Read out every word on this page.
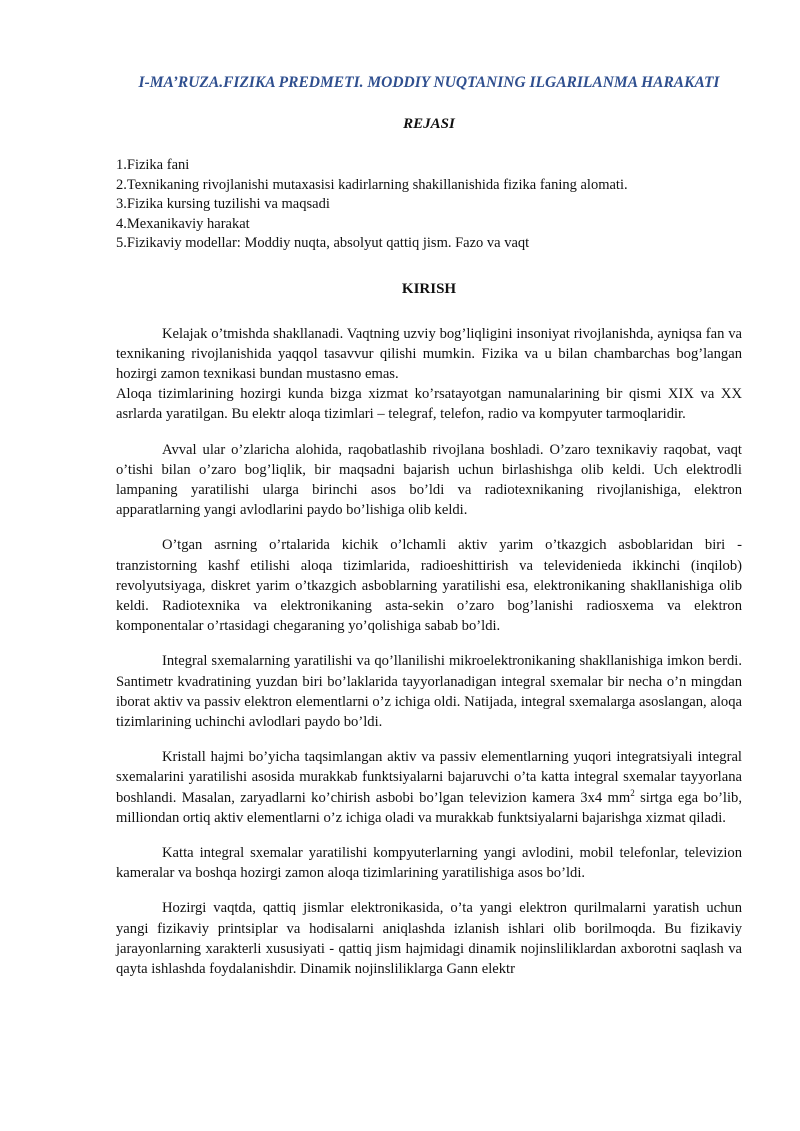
I-MA’RUZA.FIZIKA PREDMETI. MODDIY NUQTANING ILGARILANMA HARAKATI
REJASI
1.Fizika fani
2.Texnikaning rivojlanishi mutaxasisi kadirlarning shakillanishida fizika faning alomati.
3.Fizika kursing tuzilishi va maqsadi
4.Mexanikaviy harakat
5.Fizikaviy modellar: Moddiy nuqta, absolyut qattiq jism. Fazo va vaqt
KIRISH

Kelajak o’tmishda shakllanadi. Vaqtning uzviy bog’liqligini insoniyat rivojlanishda, ayniqsa fan va texnikaning rivojlanishida yaqqol tasavvur qilishi mumkin. Fizika va u bilan chambarchas bog’langan hozirgi zamon texnikasi bundan mustasno emas.

Aloqa tizimlarining hozirgi kunda bizga xizmat ko’rsatayotgan namunalarining bir qismi XIX va XX asrlarda yaratilgan. Bu elektr aloqa tizimlari – telegraf, telefon, radio va kompyuter tarmoqlaridir.

Avval ular o’zlaricha alohida, raqobatlashib rivojlana boshladi. O’zaro texnikaviy raqobat, vaqt o’tishi bilan o’zaro bog’liqlik, bir maqsadni bajarish uchun birlashishga olib keldi. Uch elektrodli lampaning yaratilishi ularga birinchi asos bo’ldi va radiotexnikaning rivojlanishiga, elektron apparatlarning yangi avlodlarini paydo bo’lishiga olib keldi.

O’tgan asrning o’rtalarida kichik o’lchamli aktiv yarim o’tkazgich asboblaridan biri - tranzistorning kashf etilishi aloqa tizimlarida, radioeshittirish va televidenieda ikkinchi (inqilob) revolyutsiyaga, diskret yarim o’tkazgich asboblarning yaratilishi esa, elektronikaning shakllanishiga olib keldi. Radiotexnika va elektronikaning asta-sekin o’zaro bog’lanishi radiosxema va elektron komponentalar o’rtasidagi chegaraning yo’qolishiga sabab bo’ldi.

Integral sxemalarning yaratilishi va qo’llanilishi mikroelektronikaning shakllanishiga imkon berdi. Santimetr kvadratining yuzdan biri bo’laklarida tayyorlanadigan integral sxemalar bir necha o’n mingdan iborat aktiv va passiv elektron elementlarni o’z ichiga oldi. Natijada, integral sxemalarga asoslangan, aloqa tizimlarining uchinchi avlodlari paydo bo’ldi.

Kristall hajmi bo’yicha taqsimlangan aktiv va passiv elementlarning yuqori integratsiyali integral sxemalarini yaratilishi asosida murakkab funktsiyalarni bajaruvchi o’ta katta integral sxemalar tayyorlana boshlandi. Masalan, zaryadlarni ko’chirish asbobi bo’lgan televizion kamera 3x4 $mm^2$ sirtga ega bo’lib, milliondan ortiq aktiv elementlarni o’z ichiga oladi va murakkab funktsiyalarni bajarishga xizmat qiladi.

Katta integral sxemalar yaratilishi kompyuterlarning yangi avlodini, mobil telefonlar, televizion kameralar va boshqa hozirgi zamon aloqa tizimlarining yaratilishiga asos bo’ldi.

Hozirgi vaqtda, qattiq jismlar elektronikasida, o’ta yangi elektron qurilmalarni yaratish uchun yangi fizikaviy printsiplar va hodisalarni aniqlashda izlanish ishlari olib borilmoqda. Bu fizikaviy jarayonlarning xarakterli xususiyati - qattiq jism hajmidagi dinamik nojinsliliklardan axborotni saqlash va qayta ishlashda foydalanishdir. Dinamik nojinsliliklarga Gann elektr
